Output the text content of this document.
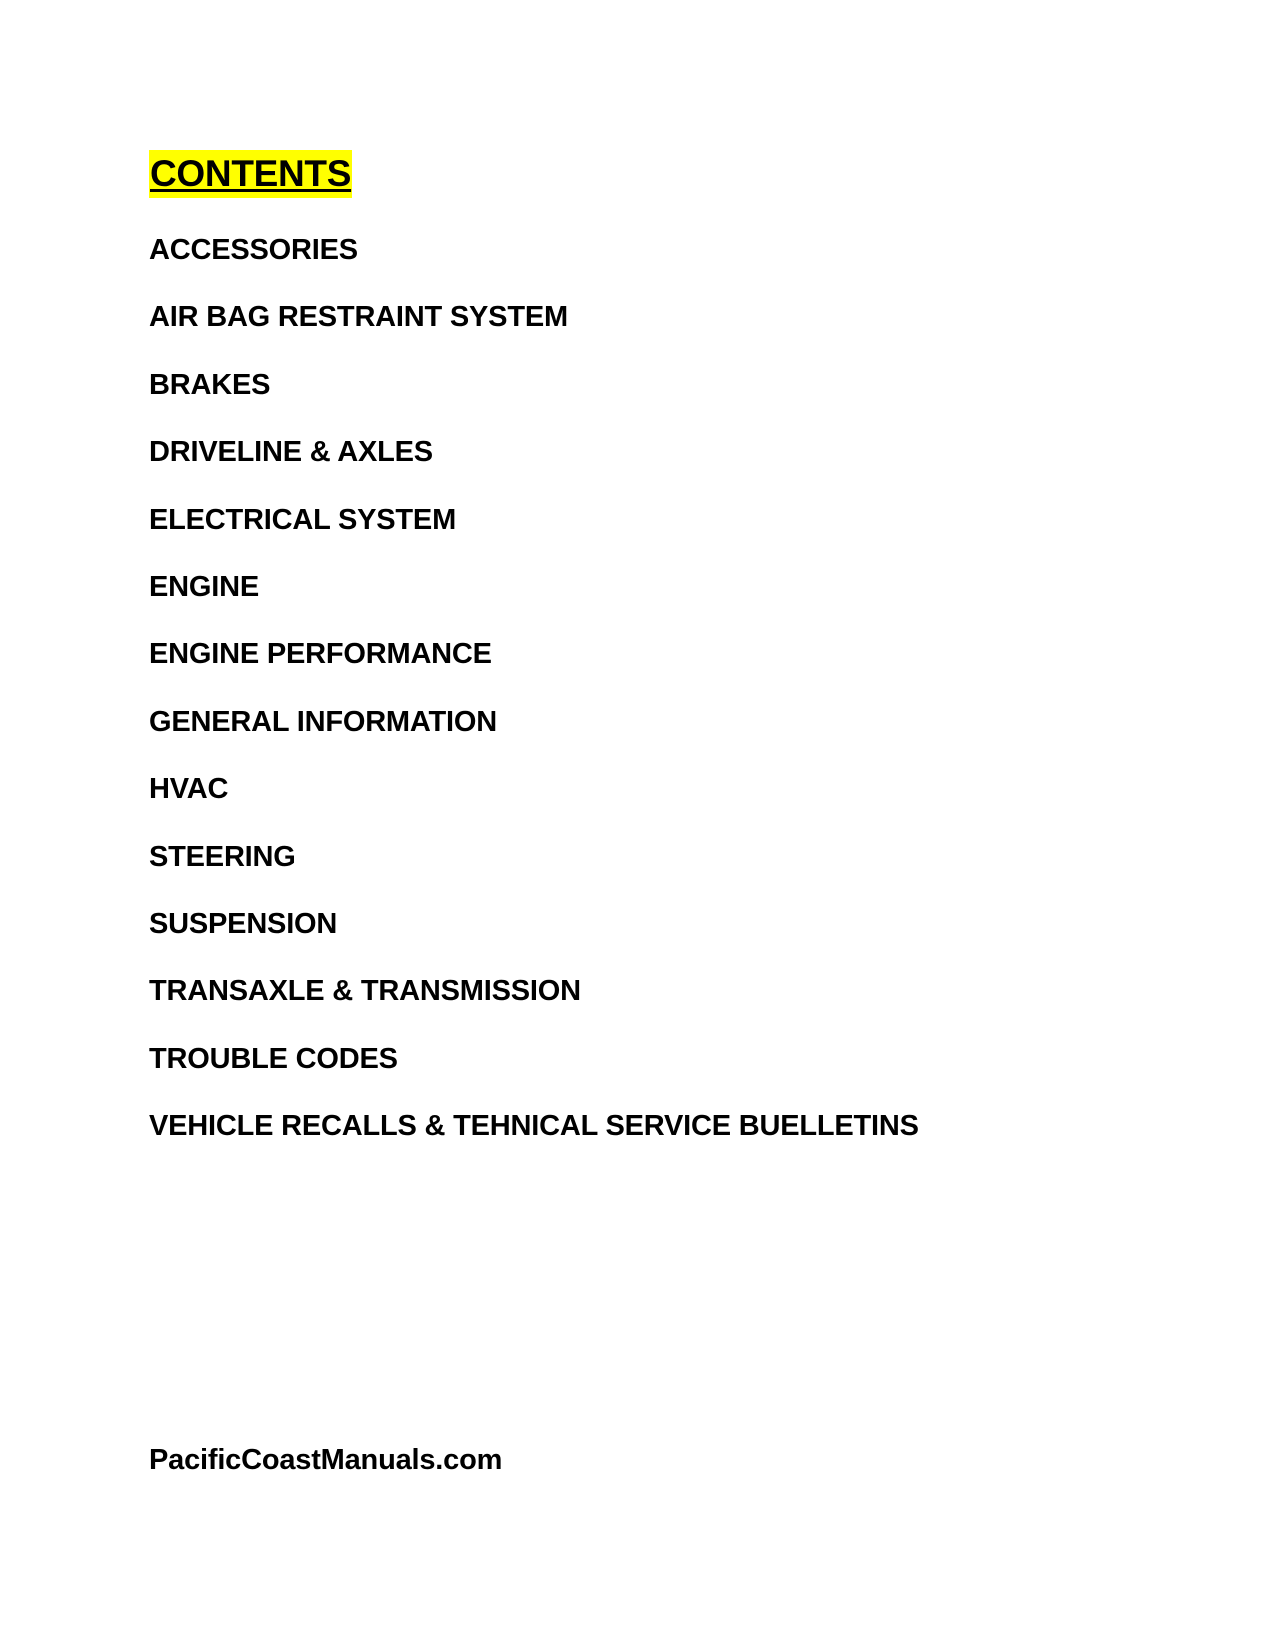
CONTENTS
ACCESSORIES
AIR BAG RESTRAINT SYSTEM
BRAKES
DRIVELINE & AXLES
ELECTRICAL SYSTEM
ENGINE
ENGINE PERFORMANCE
GENERAL INFORMATION
HVAC
STEERING
SUSPENSION
TRANSAXLE & TRANSMISSION
TROUBLE CODES
VEHICLE RECALLS & TEHNICAL SERVICE BUELLETINS
PacificCoastManuals.com
